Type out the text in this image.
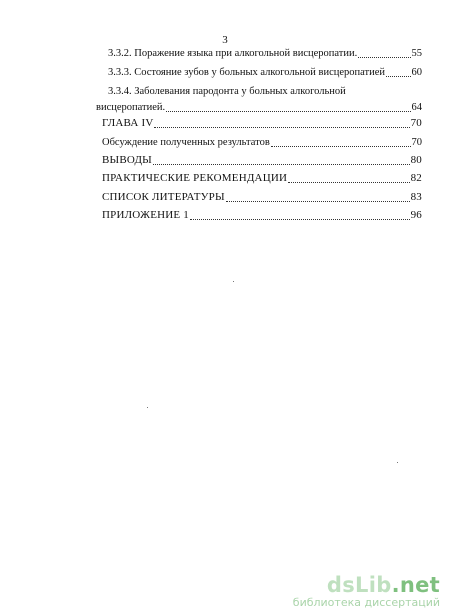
3
3.3.2. Поражение языка при алкогольной висцеропатии.	55
3.3.3. Состояние зубов у больных алкогольной висцеропатией	60
3.3.4. Заболевания пародонта у больных алкогольной
висцеропатией.	64
ГЛАВА IV	70
Обсуждение полученных результатов	70
ВЫВОДЫ	80
ПРАКТИЧЕСКИЕ РЕКОМЕНДАЦИИ	82
СПИСОК ЛИТЕРАТУРЫ	83
ПРИЛОЖЕНИЕ 1	96
dsLib.net
библиотека диссертаций
